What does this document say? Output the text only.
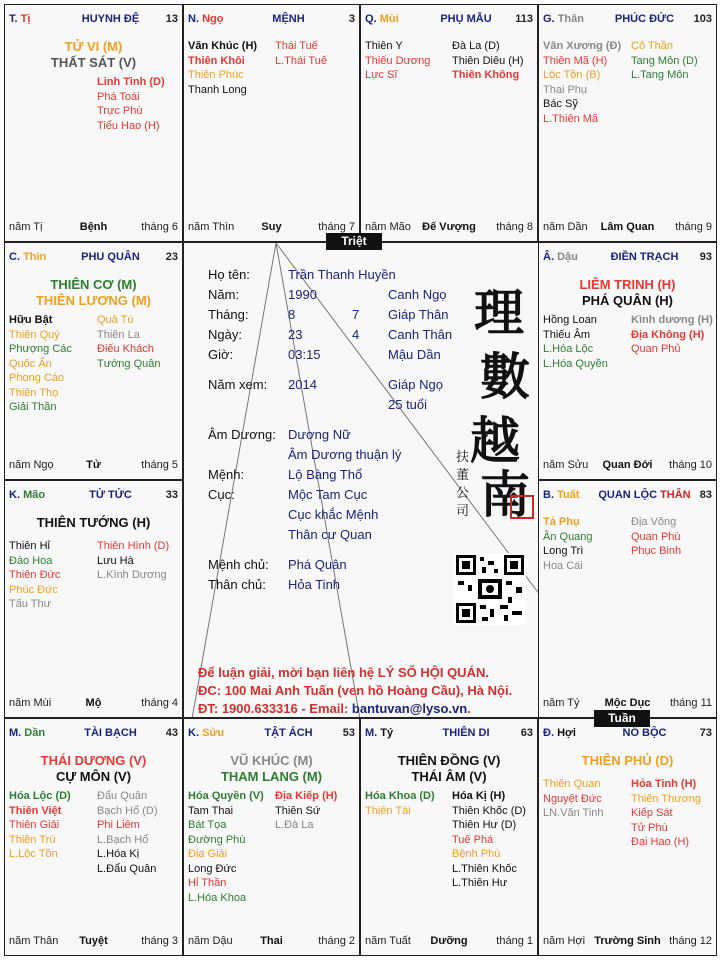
T. Tị	HUYNH ĐỆ	13
TỬ VI (M)
THẤT SÁT (V)
Linh Tinh (D)
Phá Toái
Trực Phù
Tiểu Hao (H)
năm Tị	Bệnh	tháng 6
N. Ngọ	MỆNH	3
Văn Khúc (H)
Thiên Khôi
Thiên Phúc
Thanh Long
Thái Tuế
L.Thái Tuế
năm Thìn	Suy	tháng 7
Q. Mùi	PHỤ MẪU	113
Thiên Y
Thiếu Dương
Lực Sĩ
Đà La (D)
Thiên Diêu (H)
Thiên Không
năm Mão	Đế Vượng	tháng 8
G. Thân	PHÚC ĐỨC	103
Văn Xương (Đ)
Thiên Mã (H)
Lộc Tồn (B)
Thai Phụ
Bác Sỹ
L.Thiên Mã
Cô Thần
Tang Môn (D)
L.Tang Môn
năm Dần	Lâm Quan	tháng 9
C. Thìn	PHU QUÂN	23
THIÊN CƠ (M)
THIÊN LƯƠNG (M)
Hữu Bật
Thiên Quý
Phượng Các
Quốc Ấn
Phong Cáo
Thiên Thọ
Giải Thần
Quả Tú
Thiên La
Điếu Khách
Tướng Quân
năm Ngọ	Tử	tháng 5
Â. Dậu	ĐIỀN TRẠCH	93
LIÊM TRINH (H)
PHÁ QUÂN (H)
Hồng Loan
Thiếu Âm
L.Hóa Lộc
L.Hóa Quyền
Kình dương (H)
Địa Không (H)
Quan Phủ
năm Sửu	Quan Đới	tháng 10
K. Mão	TỬ TỨC	33
THIÊN TƯỚNG (H)
Thiên Hỉ
Đào Hoa
Thiên Đức
Phúc Đức
Tấu Thư
Thiên Hình (D)
Lưu Hà
L.Kình Dương
năm Mùi	Mộ	tháng 4
B. Tuất	QUAN LỘC THÂN 83
Tả Phụ
Ân Quang
Long Trì
Hoa Cái
Địa Võng
Quan Phù
Phục Binh
năm Tý	Mộc Dục	tháng 11
M. Dần	TÀI BẠCH	43
THÁI DƯƠNG (V)
CỰ MÔN (V)
Hóa Lộc (D)
Thiên Việt
Thiên Giải
Thiên Trù
L.Lộc Tồn
Đẩu Quân
Bạch Hổ (D)
Phi Liêm
L.Bạch Hổ
L.Hóa Kị
L.Đẩu Quân
năm Thân	Tuyệt	tháng 3
K. Sửu	TẬT ÁCH	53
VŨ KHÚC (M)
THAM LANG (M)
Hóa Quyền (V)
Tam Thai
Bát Tọa
Đường Phù
Địa Giải
Long Đức
Hỉ Thần
L.Hóa Khoa
Địa Kiếp (H)
Thiên Sứ
L.Đà La
năm Dậu	Thai	tháng 2
M. Tý	THIÊN DI	63
THIÊN ĐỒNG (V)
THÁI ÂM (V)
Hóa Khoa (D)
Thiên Tài
Hóa Kị (H)
Thiên Khốc (D)
Thiên Hư (D)
Tuế Phá
Bệnh Phù
L.Thiên Khốc
L.Thiên Hư
năm Tuất	Dưỡng	tháng 1
Đ. Hợi	NÔ BỘC	73
THIÊN PHỦ (D)
Thiên Quan
Nguyệt Đức
LN.Văn Tinh
Hỏa Tinh (H)
Thiên Thương
Kiếp Sát
Tử Phù
Đại Hao (H)
năm Hợi Trường Sinh tháng 12
Họ tên:	Trần Thanh Huyền
Năm:	1990	Canh Ngọ
Tháng:	8	7 Giáp Thân
Ngày:	23	4 Canh Thân
Giờ:	03:15	Mậu Dần
Năm xem: 2014	Giáp Ngọ
25 tuổi
Âm Dương: Dương Nữ
Âm Dương thuận lý
Mệnh:	Lộ Bàng Thổ
Cục:	Mộc Tam Cục
Cục khắc Mệnh
Thân cư Quan
Mệnh chủ: Phá Quân
Thân chủ: Hỏa Tinh
理
數
越
南
扶 董 公 司
Để luận giải, mời bạn liên hệ LÝ SỐ HỘI QUÁN.
ĐC: 100 Mai Anh Tuấn (ven hồ Hoàng Cầu), Hà Nội.
ĐT: 1900.633316 - Email: bantuvan@lyso.vn.
Triệt
Tuần
